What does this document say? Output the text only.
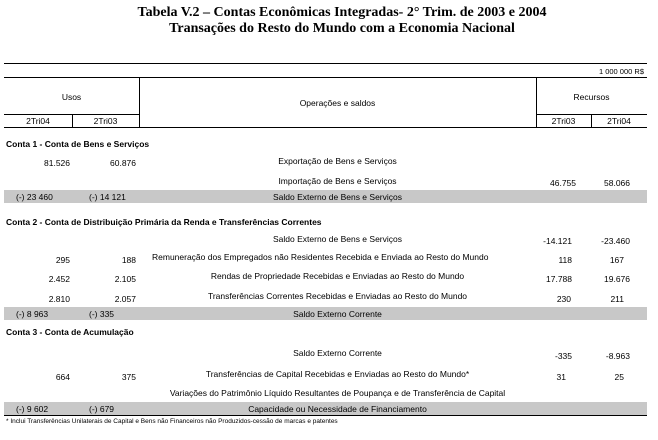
Tabela V.2 – Contas Econômicas Integradas- 2° Trim. de 2003 e 2004
Transações do Resto do Mundo com a Economia Nacional
1 000 000 R$
Usos
Operações e saldos
Recursos
2Tri04	2Tri03	2Tri03	2Tri04
Conta 1 - Conta de Bens e Serviços
81.526	60.876	Exportação de Bens e Serviços
Importação de Bens e Serviços	46.755	58.066
(-) 23 460	(-) 14 121	Saldo Externo de Bens e Serviços
Conta 2 - Conta de Distribuição Primária da Renda e Transferências Correntes
Saldo Externo de Bens e Serviços	-14.121	-23.460
295	188 Remuneração dos Empregados não Residentes Recebida e Enviada ao Resto do Mundo	118	167
2.452	2.105	Rendas de Propriedade Recebidas e Enviadas ao Resto do Mundo	17.788	19.676
2.810	2.057	Transferências Correntes Recebidas e Enviadas ao Resto do Mundo	230	211
(-) 8 963	(-) 335	Saldo Externo Corrente
Conta 3 - Conta de Acumulação
Saldo Externo Corrente	-335	-8.963
664	375	Transferências de Capital Recebidas e Enviadas ao Resto do Mundo*	31	25
Variações do Patrimônio Líquido Resultantes de Poupança e de Transferência de Capital
(-) 9 602	(-) 679	Capacidade ou Necessidade de Financiamento
* Inclui Transferências Unilaterais de Capital e Bens não Financeiros não Produzidos-cessão de marcas e patentes
